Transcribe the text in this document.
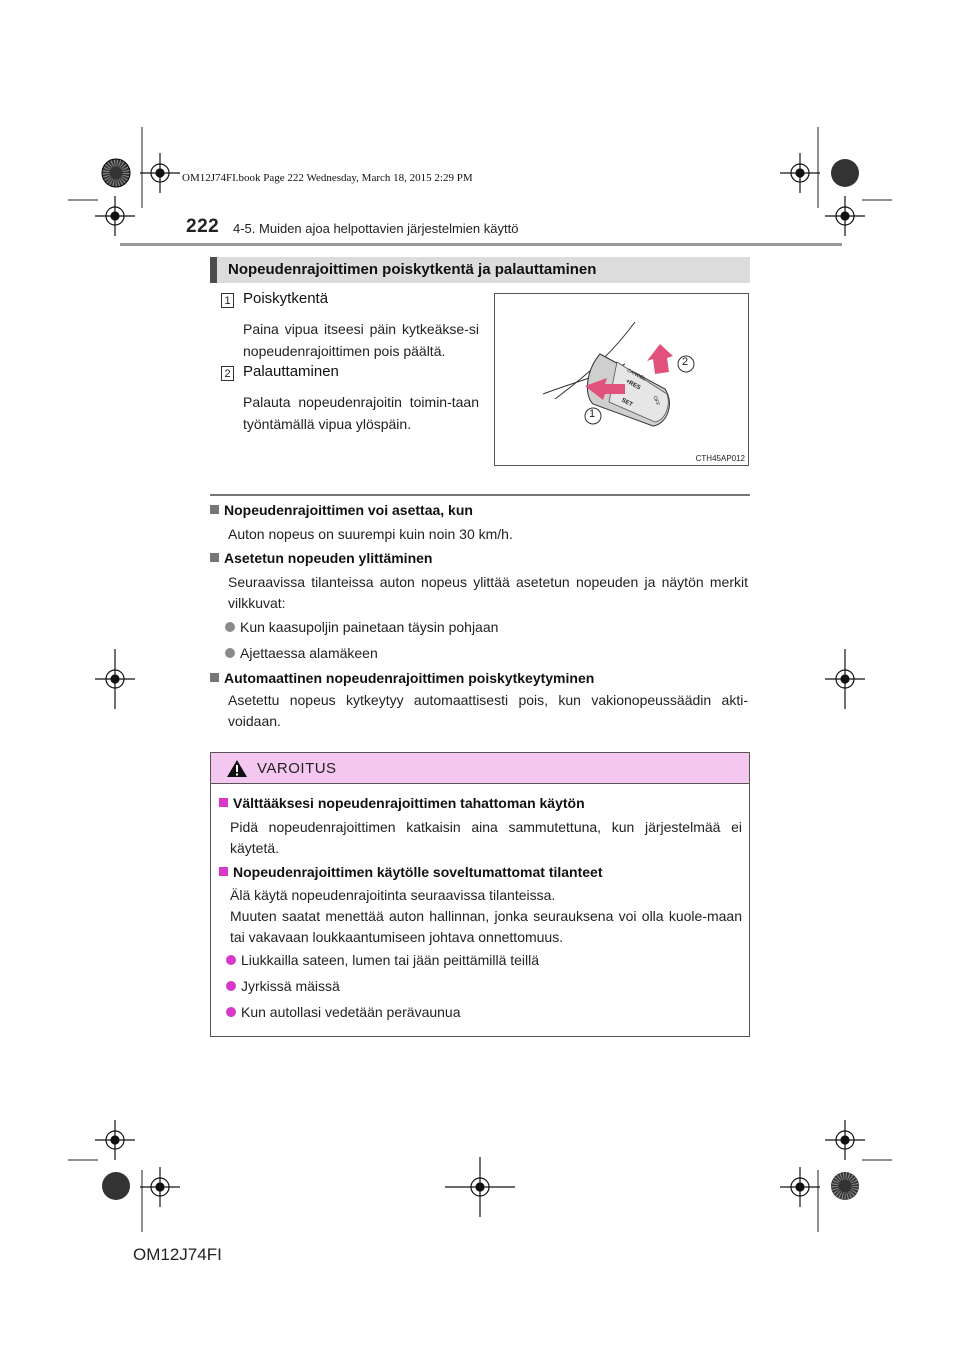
OM12J74FI.book Page 222 Wednesday, March 18, 2015 2:29 PM
222 4-5. Muiden ajoa helpottavien järjestelmien käyttö
Nopeudenrajoittimen poiskytkentä ja palauttaminen
1 Poiskytkentä
Paina vipua itseesi päin kytkeäkse-si nopeudenrajoittimen pois päältä.
2 Palauttaminen
Palauta nopeudenrajoitin toimin-taan työntämällä vipua ylöspäin.
1
2
CANCEL
+RES
SET	OFF
CTH45AP012
Nopeudenrajoittimen voi asettaa, kun
Auton nopeus on suurempi kuin noin 30 km/h.
Asetetun nopeuden ylittäminen
Seuraavissa tilanteissa auton nopeus ylittää asetetun nopeuden ja näytön merkit vilkkuvat:
Kun kaasupoljin painetaan täysin pohjaan
Ajettaessa alamäkeen
Automaattinen nopeudenrajoittimen poiskytkeytyminen
Asetettu nopeus kytkeytyy automaattisesti pois, kun vakionopeussäädin akti-voidaan.
VAROITUS
Välttääksesi nopeudenrajoittimen tahattoman käytön
Pidä nopeudenrajoittimen katkaisin aina sammutettuna, kun järjestelmää ei käytetä.
Nopeudenrajoittimen käytölle soveltumattomat tilanteet
Älä käytä nopeudenrajoitinta seuraavissa tilanteissa.
Muuten saatat menettää auton hallinnan, jonka seurauksena voi olla kuole-maan tai vakavaan loukkaantumiseen johtava onnettomuus.
Liukkailla sateen, lumen tai jään peittämillä teillä
Jyrkissä mäissä
Kun autollasi vedetään perävaunua
OM12J74FI
